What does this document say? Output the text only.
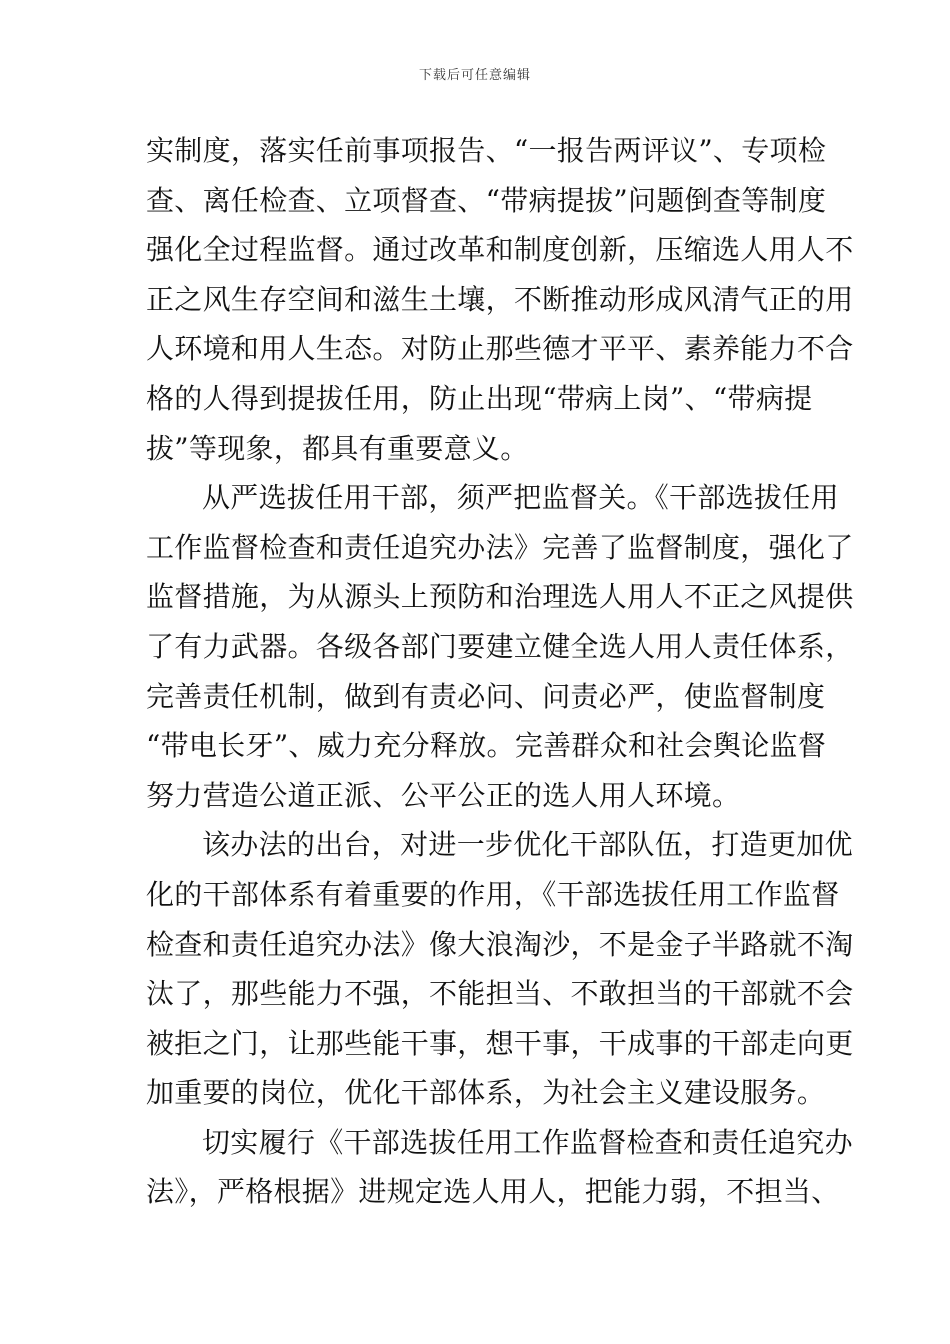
下载后可任意编辑
实制度，落实任前事项报告、“一报告两评议”、专项检
查、离任检查、立项督查、“带病提拔”问题倒查等制度
强化全过程监督。通过改革和制度创新，压缩选人用人不
正之风生存空间和滋生土壤，不断推动形成风清气正的用
人环境和用人生态。对防止那些德才平平、素养能力不合
格的人得到提拔任用，防止出现“带病上岗”、“带病提
拔”等现象，都具有重要意义。
从严选拔任用干部，须严把监督关。《干部选拔任用
工作监督检查和责任追究办法》完善了监督制度，强化了
监督措施，为从源头上预防和治理选人用人不正之风提供
了有力武器。各级各部门要建立健全选人用人责任体系，
完善责任机制，做到有责必问、问责必严，使监督制度
“带电长牙”、威力充分释放。完善群众和社会舆论监督
努力营造公道正派、公平公正的选人用人环境。
该办法的出台，对进一步优化干部队伍，打造更加优
化的干部体系有着重要的作用，《干部选拔任用工作监督
检查和责任追究办法》像大浪淘沙，不是金子半路就不淘
汰了，那些能力不强，不能担当、不敢担当的干部就不会
被拒之门，让那些能干事，想干事，干成事的干部走向更
加重要的岗位，优化干部体系，为社会主义建设服务。
切实履行《干部选拔任用工作监督检查和责任追究办
法》，严格根据》进规定选人用人，把能力弱，不担当、
